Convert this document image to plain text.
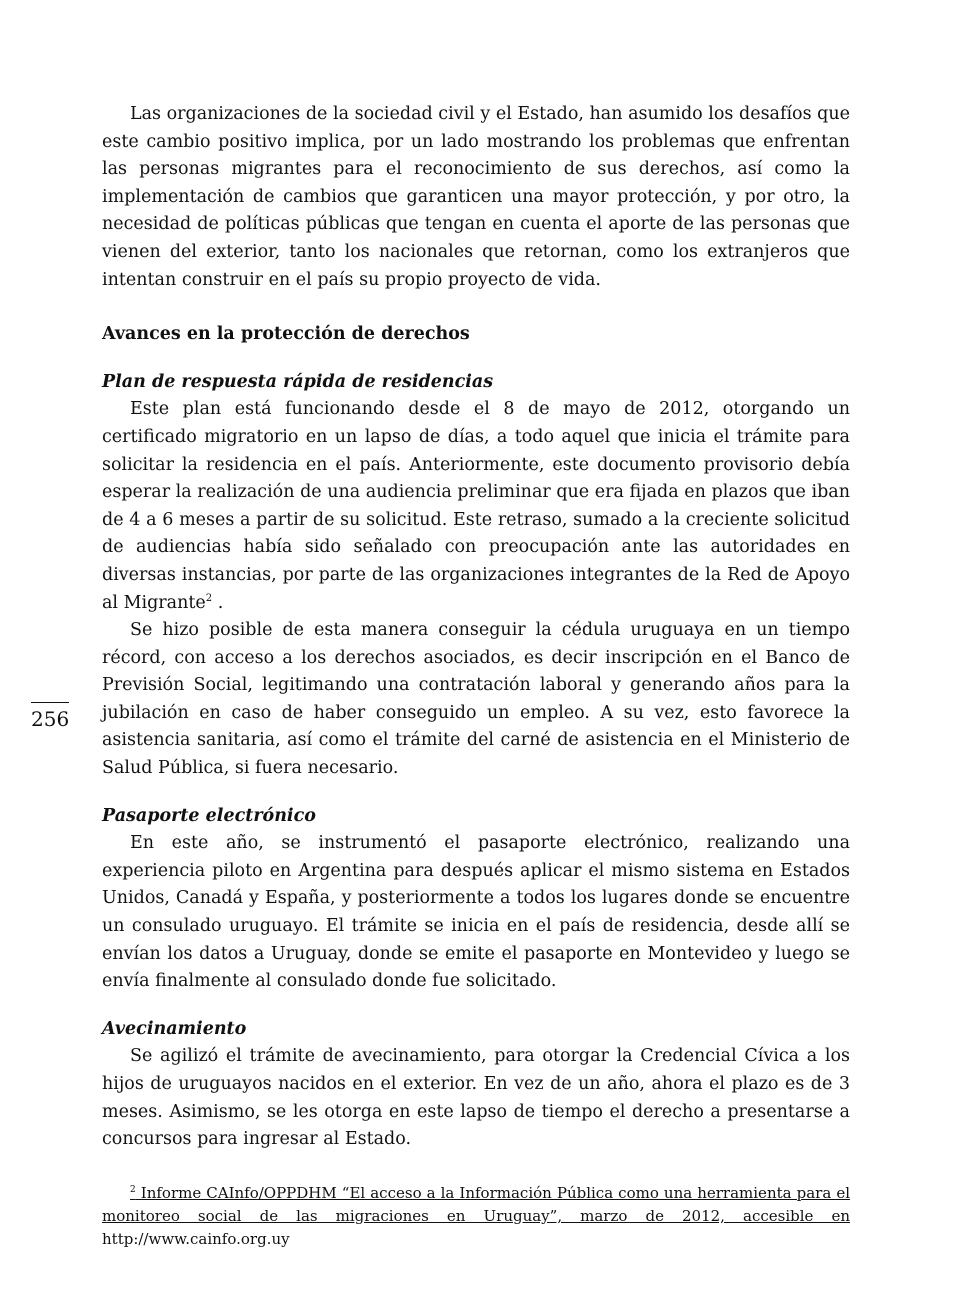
256

Las organizaciones de la sociedad civil y el Estado, han asumido los desafíos que este cambio positivo implica, por un lado mostrando los problemas que enfrentan las personas migrantes para el reconocimiento de sus derechos, así como la implementación de cambios que garanticen una mayor protección, y por otro, la necesidad de políticas públicas que tengan en cuenta el aporte de las personas que vienen del exterior, tanto los nacionales que retornan, como los extranjeros que intentan construir en el país su propio proyecto de vida.

Avances en la protección de derechos
Plan de respuesta rápida de residencias

Este plan está funcionando desde el 8 de mayo de 2012, otorgando un certificado migratorio en un lapso de días, a todo aquel que inicia el trámite para solicitar la residencia en el país. Anteriormente, este documento provisorio debía esperar la realización de una audiencia preliminar que era fijada en plazos que iban de 4 a 6 meses a partir de su solicitud. Este retraso, sumado a la creciente solicitud de audiencias había sido señalado con preocupación ante las autoridades en diversas instancias, por parte de las organizaciones integrantes de la Red de Apoyo al Migrante$^2$ .

Se hizo posible de esta manera conseguir la cédula uruguaya en un tiempo récord, con acceso a los derechos asociados, es decir inscripción en el Banco de Previsión Social, legitimando una contratación laboral y generando años para la jubilación en caso de haber conseguido un empleo. A su vez, esto favorece la asistencia sanitaria, así como el trámite del carné de asistencia en el Ministerio de Salud Pública, si fuera necesario.

Pasaporte electrónico

En este año, se instrumentó el pasaporte electrónico, realizando una experiencia piloto en Argentina para después aplicar el mismo sistema en Estados Unidos, Canadá y España, y posteriormente a todos los lugares donde se encuentre un consulado uruguayo. El trámite se inicia en el país de residencia, desde allí se envían los datos a Uruguay, donde se emite el pasaporte en Montevideo y luego se envía finalmente al consulado donde fue solicitado.

Avecinamiento

Se agilizó el trámite de avecinamiento, para otorgar la Credencial Cívica a los hijos de uruguayos nacidos en el exterior. En vez de un año, ahora el plazo es de 3 meses. Asimismo, se les otorga en este lapso de tiempo el derecho a presentarse a concursos para ingresar al Estado.

$^2$ Informe CAInfo/OPPDHM “El acceso a la Información Pública como una herramienta para el monitoreo social de las migraciones en Uruguay”, marzo de 2012, accesible en http://www.cainfo.org.uy
